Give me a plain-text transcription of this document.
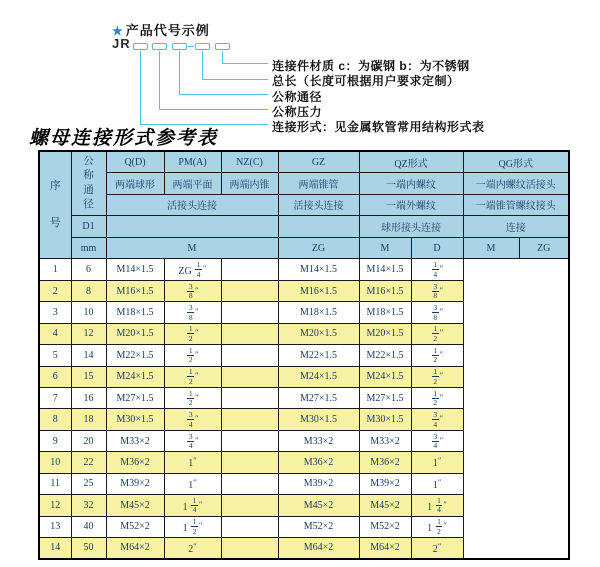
★ 产品代号示例
JR
连接件材质 c：为碳钢 b：为不锈钢
总长（长度可根据用户要求定制）
公称通径
公称压力
连接形式：见金属软管常用结构形式表
螺母连接形式参考表
序号	公称通径	Q(D)	PM(A)	NZ(C)	GZ	QZ形式		QG形式	
		两端球形	两端平面	两端内锥	两端锥管	一端内螺纹		一端内螺纹活接头	
		活接头连接			活接头连接	一端外螺纹		一端锥管螺纹接头	
	D1					球形接头连接		连接	
	mm	M			ZG	M	D	M	ZG
1	6	M14×1.5	ZG $\frac{1}{4} ''$		M14×1.5	M14×1.5	$\frac{1}{4} ''$
2	8	M16×1.5	$\frac{3}{8} ''$		M16×1.5	M16×1.5	$\frac{3}{8} ''$
3	10	M18×1.5	$\frac{3}{8} ''$		M18×1.5	M18×1.5	$\frac{3}{8} ''$
4	12	M20×1.5	$\frac{1}{2} ''$		M20×1.5	M20×1.5	$\frac{1}{2} ''$
5	14	M22×1.5	$\frac{1}{2} ''$		M22×1.5	M22×1.5	$\frac{1}{2} ''$
6	15	M24×1.5	$\frac{1}{2} ''$		M24×1.5	M24×1.5	$\frac{1}{2} ''$
7	16	M27×1.5	$\frac{1}{2} ''$		M27×1.5	M27×1.5	$\frac{1}{2} ''$
8	18	M30×1.5	$\frac{3}{4} ''$		M30×1.5	M30×1.5	$\frac{3}{4} ''$
9	20	M33×2	$\frac{3}{4} ''$		M33×2	M33×2	$\frac{3}{4} ''$
10	22	M36×2	1″		M36×2	M36×2	1″
11	25	M39×2	1″		M39×2	M39×2	1″
12	32	M45×2	$1 \frac{1}{4} ''$		M45×2	M45×2	$1 \frac{1}{4} ''$
13	40	M52×2	$1 \frac{1}{2} ''$		M52×2	M52×2	$1 \frac{1}{2} ''$
14	50	M64×2	2″		M64×2	M64×2	2″
